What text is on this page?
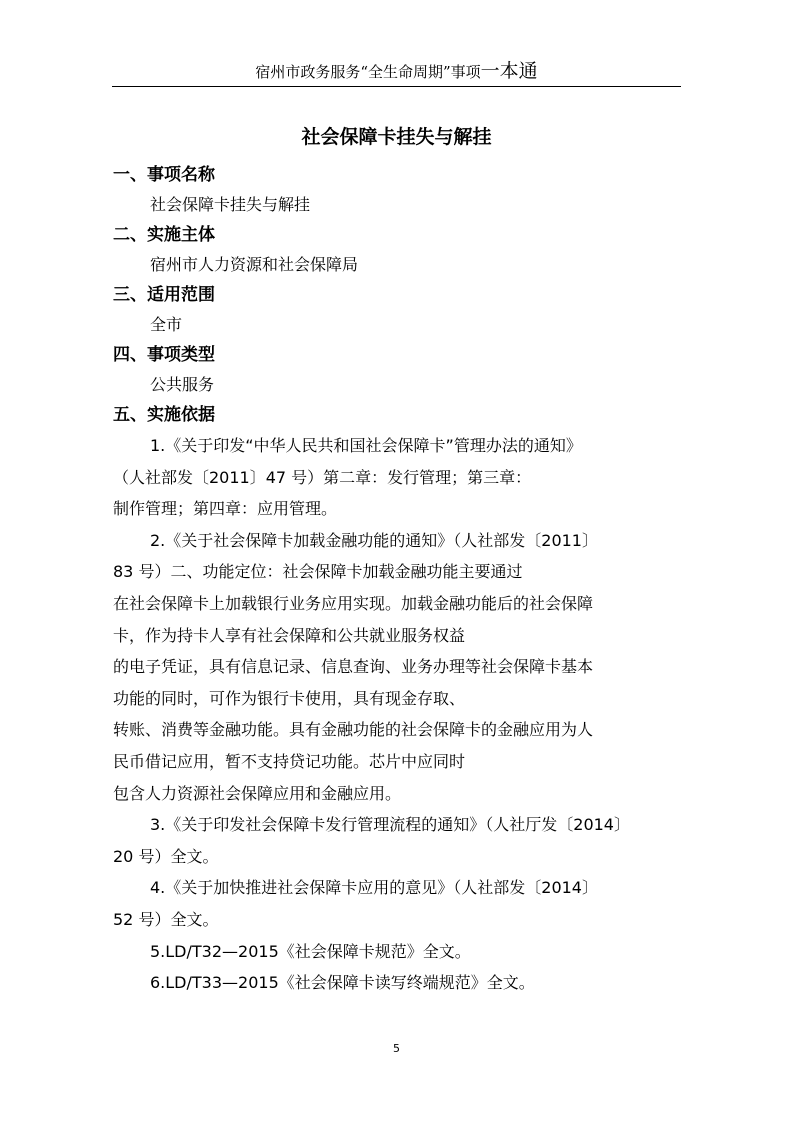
宿州市政务服务“全生命周期”事项一本通
社会保障卡挂失与解挂
一、事项名称
社会保障卡挂失与解挂
二、实施主体
宿州市人力资源和社会保障局
三、适用范围
全市
四、事项类型
公共服务
五、实施依据
1.《关于印发“中华人民共和国社会保障卡”管理办法的通知》
（人社部发〔2011〕47 号）第二章：发行管理；第三章：
制作管理；第四章：应用管理。
2.《关于社会保障卡加载金融功能的通知》（人社部发〔2011〕
83 号）二、功能定位：社会保障卡加载金融功能主要通过
在社会保障卡上加载银行业务应用实现。加载金融功能后的社会保障
卡，作为持卡人享有社会保障和公共就业服务权益
的电子凭证，具有信息记录、信息查询、业务办理等社会保障卡基本
功能的同时，可作为银行卡使用，具有现金存取、
转账、消费等金融功能。具有金融功能的社会保障卡的金融应用为人
民币借记应用，暂不支持贷记功能。芯片中应同时
包含人力资源社会保障应用和金融应用。
3.《关于印发社会保障卡发行管理流程的通知》（人社厅发〔2014〕
20 号）全文。
4.《关于加快推进社会保障卡应用的意见》（人社部发〔2014〕
52 号）全文。
5.LD/T32—2015《社会保障卡规范》全文。
6.LD/T33—2015《社会保障卡读写终端规范》全文。
5
